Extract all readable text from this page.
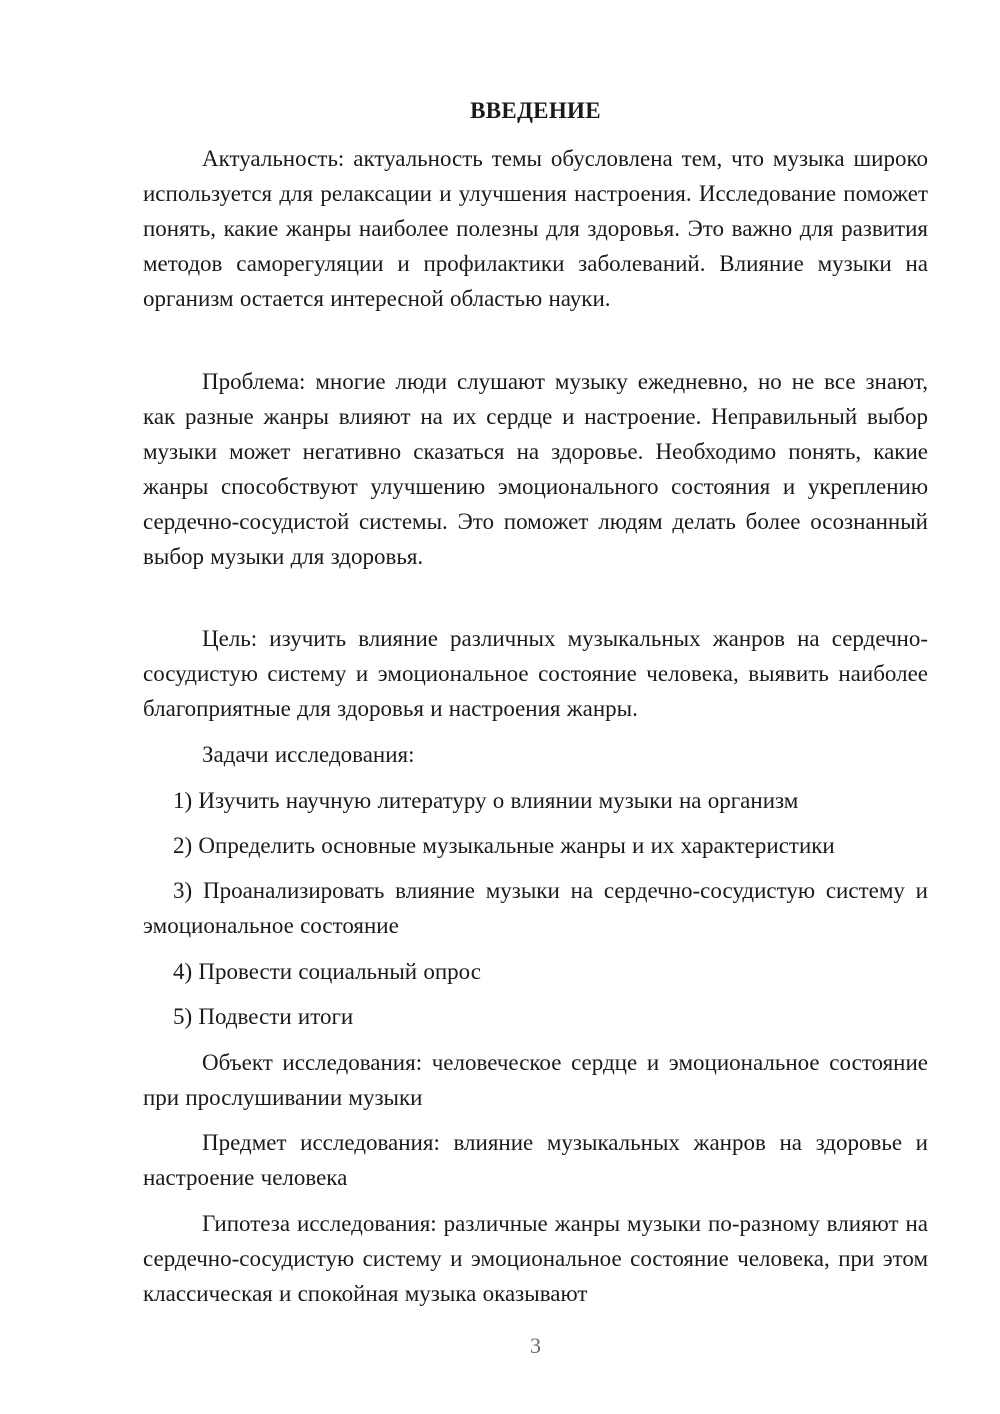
ВВЕДЕНИЕ

Актуальность: актуальность темы обусловлена тем, что музыка широко используется для релаксации и улучшения настроения. Исследование поможет понять, какие жанры наиболее полезны для здоровья. Это важно для развития методов саморегуляции и профилактики заболеваний. Влияние музыки на организм остается интересной областью науки.

Проблема: многие люди слушают музыку ежедневно, но не все знают, как разные жанры влияют на их сердце и настроение. Неправильный выбор музыки может негативно сказаться на здоровье. Необходимо понять, какие жанры способствуют улучшению эмоционального состояния и укреплению сердечно-сосудистой системы. Это поможет людям делать более осознанный выбор музыки для здоровья.

Цель: изучить влияние различных музыкальных жанров на сердечно-сосудистую систему и эмоциональное состояние человека, выявить наиболее благоприятные для здоровья и настроения жанры.

Задачи исследования:

1) Изучить научную литературу о влиянии музыки на организм

2) Определить основные музыкальные жанры и их характеристики

3) Проанализировать влияние музыки на сердечно-сосудистую систему и эмоциональное состояние

4) Провести социальный опрос

5) Подвести итоги

Объект исследования: человеческое сердце и эмоциональное состояние при прослушивании музыки

Предмет исследования: влияние музыкальных жанров на здоровье и настроение человека

Гипотеза исследования: различные жанры музыки по-разному влияют на сердечно-сосудистую систему и эмоциональное состояние человека, при этом классическая и спокойная музыка оказывают

3
